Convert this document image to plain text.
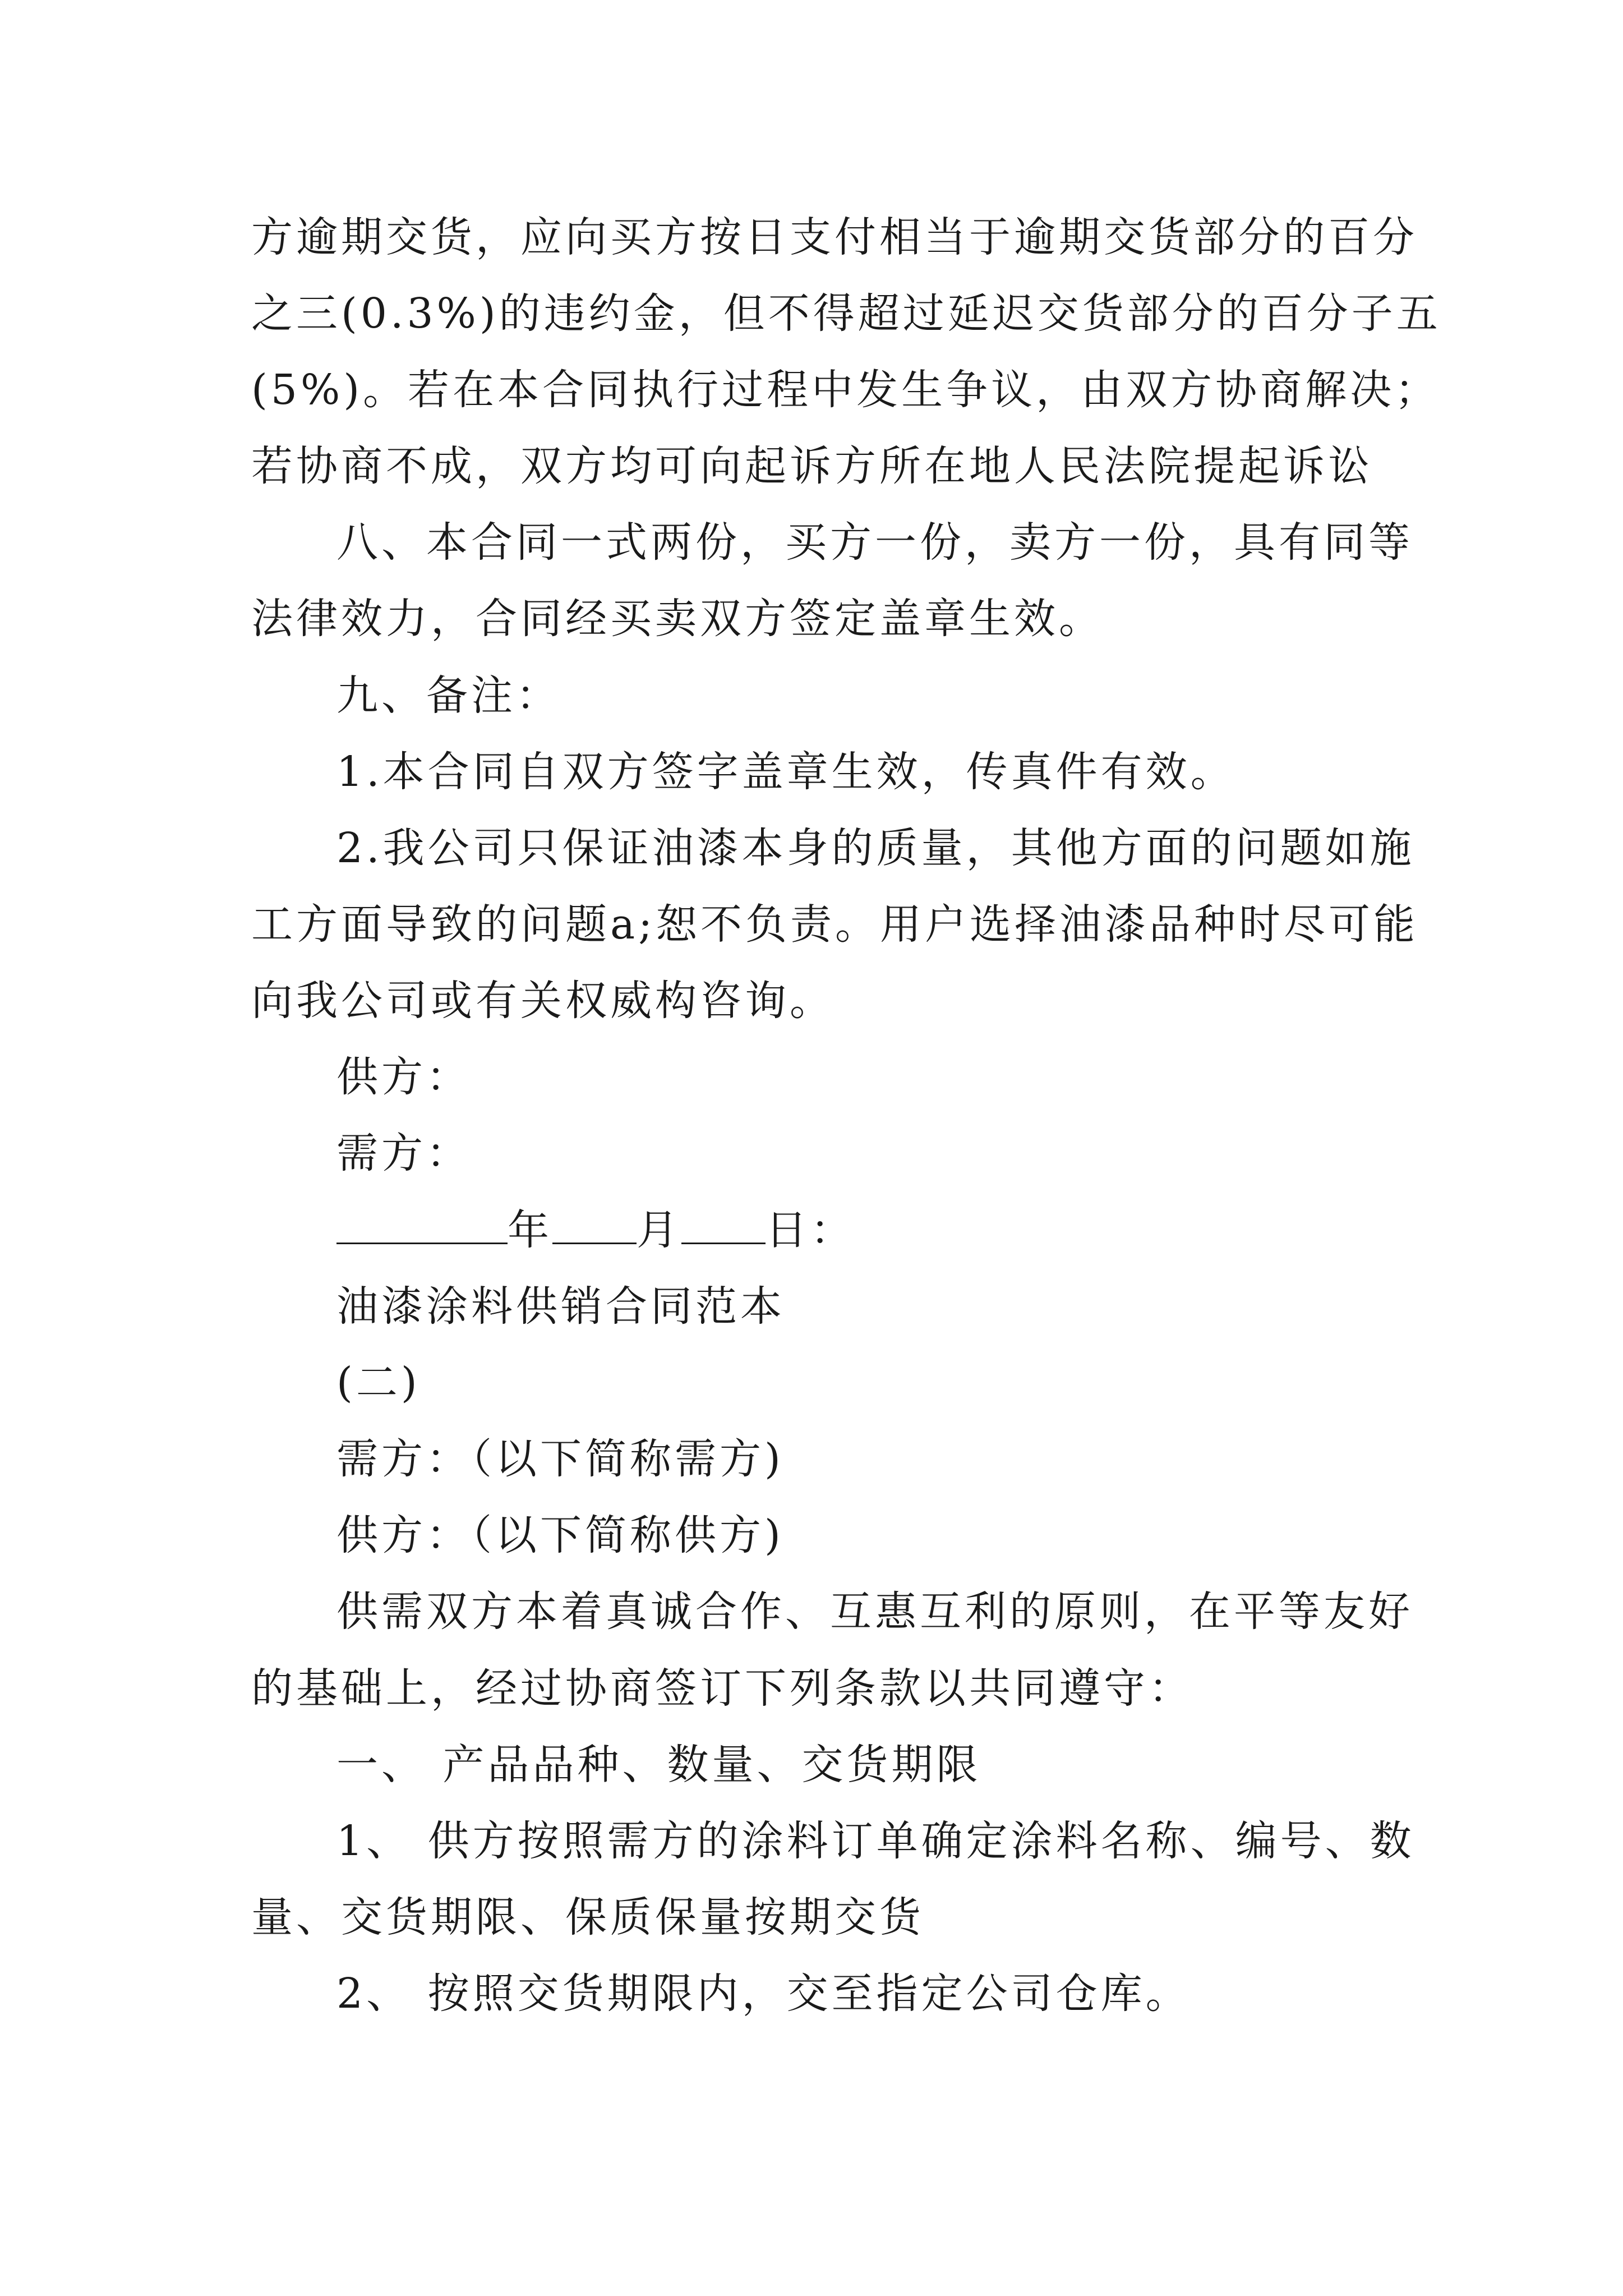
方逾期交货，应向买方按日支付相当于逾期交货部分的百分
之三(0.3%)的违约金，但不得超过延迟交货部分的百分子五
(5%)。若在本合同执行过程中发生争议，由双方协商解决；
若协商不成，双方均可向起诉方所在地人民法院提起诉讼
八、本合同一式两份，买方一份，卖方一份，具有同等
法律效力，合同经买卖双方签定盖章生效。
九、备注：
1.本合同自双方签字盖章生效，传真件有效。
2.我公司只保证油漆本身的质量，其他方面的问题如施
工方面导致的问题a;恕不负责。用户选择油漆品种时尽可能
向我公司或有关权威构咨询。
供方：
需方：
年 月 日：
油漆涂料供销合同范本
(二)
需方：（以下简称需方)
供方：（以下简称供方)
供需双方本着真诚合作、互惠互利的原则，在平等友好
的基础上，经过协商签订下列条款以共同遵守：
一、 产品品种、数量、交货期限
1、 供方按照需方的涂料订单确定涂料名称、编号、数
量、交货期限、保质保量按期交货
2、 按照交货期限内，交至指定公司仓库。
